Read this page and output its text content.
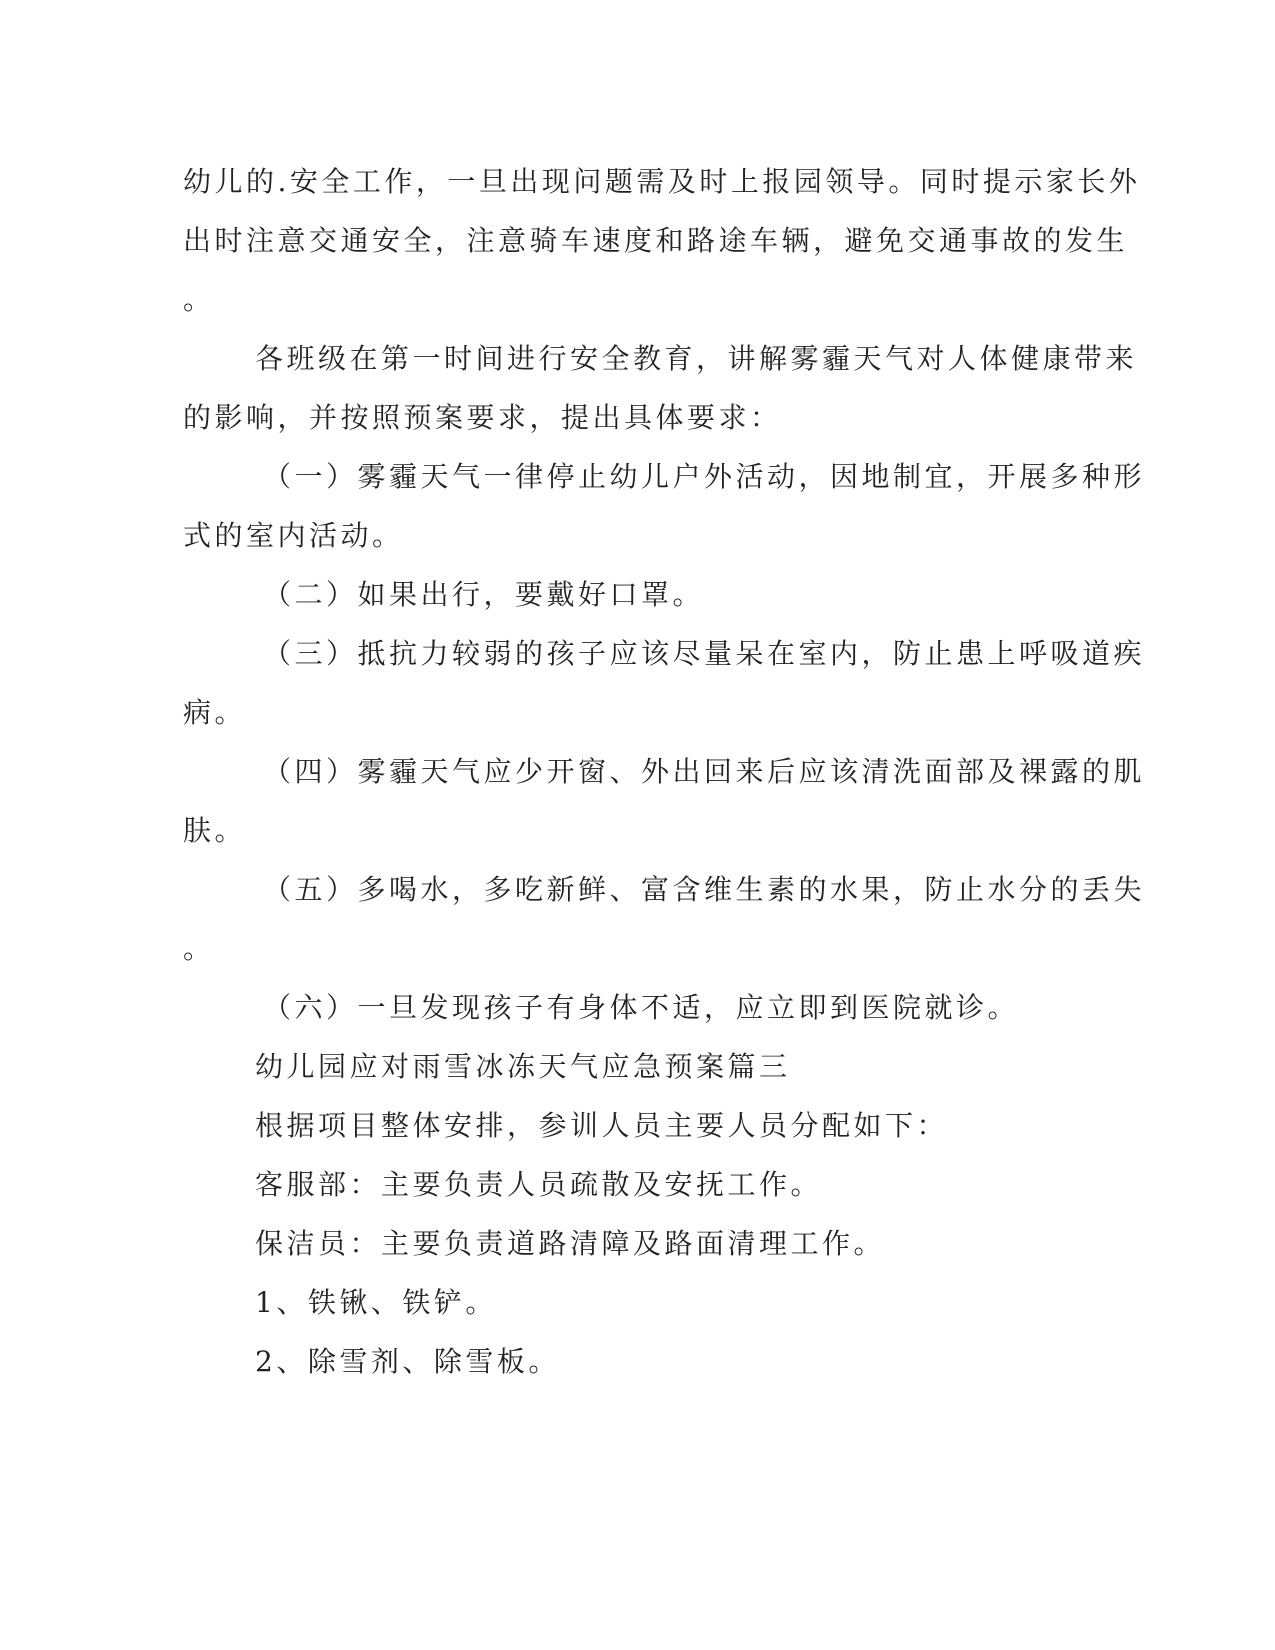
幼儿的.安全工作，一旦出现问题需及时上报园领导。同时提示家长外
出时注意交通安全，注意骑车速度和路途车辆，避免交通事故的发生
。
各班级在第一时间进行安全教育，讲解雾霾天气对人体健康带来
的影响，并按照预案要求，提出具体要求：
（一）雾霾天气一律停止幼儿户外活动，因地制宜，开展多种形
式的室内活动。
（二）如果出行，要戴好口罩。
（三）抵抗力较弱的孩子应该尽量呆在室内，防止患上呼吸道疾
病。
（四）雾霾天气应少开窗、外出回来后应该清洗面部及裸露的肌
肤。
（五）多喝水，多吃新鲜、富含维生素的水果，防止水分的丢失
。
（六）一旦发现孩子有身体不适，应立即到医院就诊。
幼儿园应对雨雪冰冻天气应急预案篇三
根据项目整体安排，参训人员主要人员分配如下：
客服部：主要负责人员疏散及安抚工作。
保洁员：主要负责道路清障及路面清理工作。
1、铁锹、铁铲。
2、除雪剂、除雪板。
